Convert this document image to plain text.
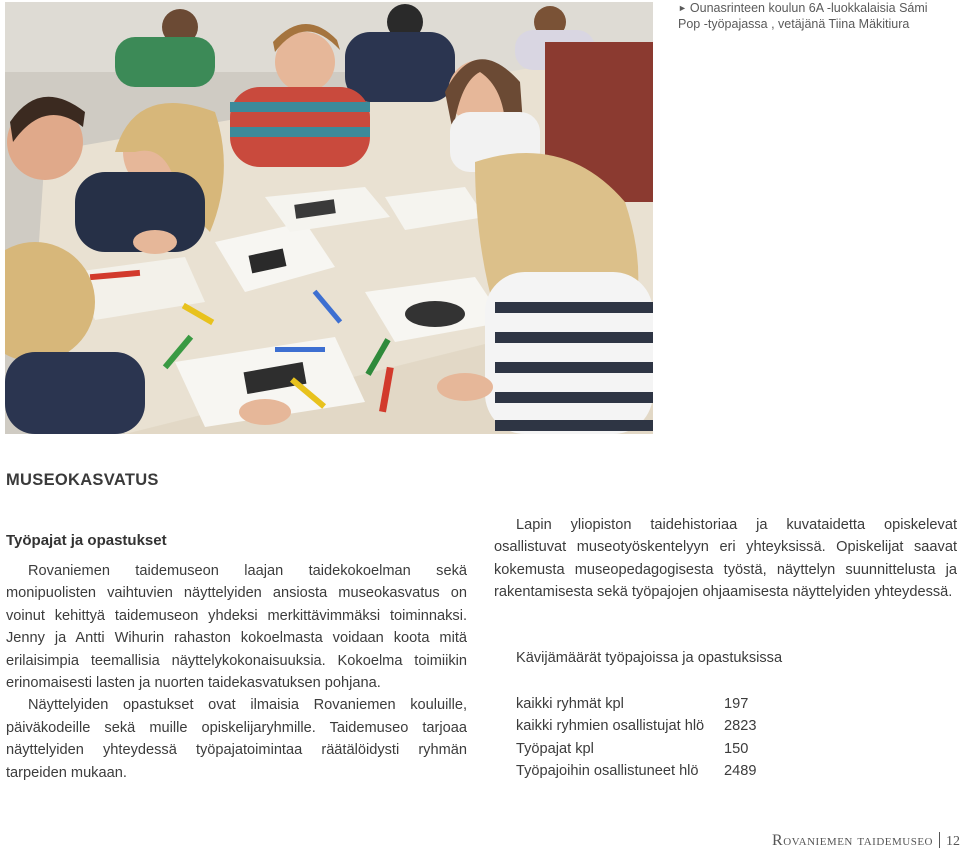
► Ounasrinteen koulun 6A -luokkalaisia Sámi Pop -työpajassa , vetäjänä Tiina Mäkitiura
MUSEOKASVATUS
Työpajat ja opastukset

Rovaniemen taidemuseon laajan taidekokoelman sekä monipuolisten vaihtuvien näyttelyiden ansiosta museokasvatus on voinut kehittyä taidemuseon yhdeksi merkittävimmäksi toiminnaksi. Jenny ja Antti Wihurin rahaston kokoelmasta voidaan koota mitä erilaisimpia teemallisia näyttelykokonaisuuksia. Kokoelma toimiikin erinomaisesti lasten ja nuorten taidekasvatuksen pohjana.

Näyttelyiden opastukset ovat ilmaisia Rovaniemen kouluille, päiväkodeille sekä muille opiskelijaryhmille. Taidemuseo tarjoaa näyttelyiden yhteydessä työpajatoimintaa räätälöidysti ryhmän tarpeiden mukaan.

Lapin yliopiston taidehistoriaa ja kuvataidetta opiskelevat osallistuvat museotyöskentelyyn eri yhteyksissä. Opiskelijat saavat kokemusta museopedagogisesta työstä, näyttelyn suunnittelusta ja rakentamisesta sekä työpajojen ohjaamisesta näyttelyiden yhteydessä.

Kävijämäärät työpajoissa ja opastuksissa
kaikki ryhmät kpl	197
kaikki ryhmien osallistujat hlö	2823
Työpajat kpl	150
Työpajoihin osallistuneet hlö	2489
Rovaniemen taidemuseo 12
